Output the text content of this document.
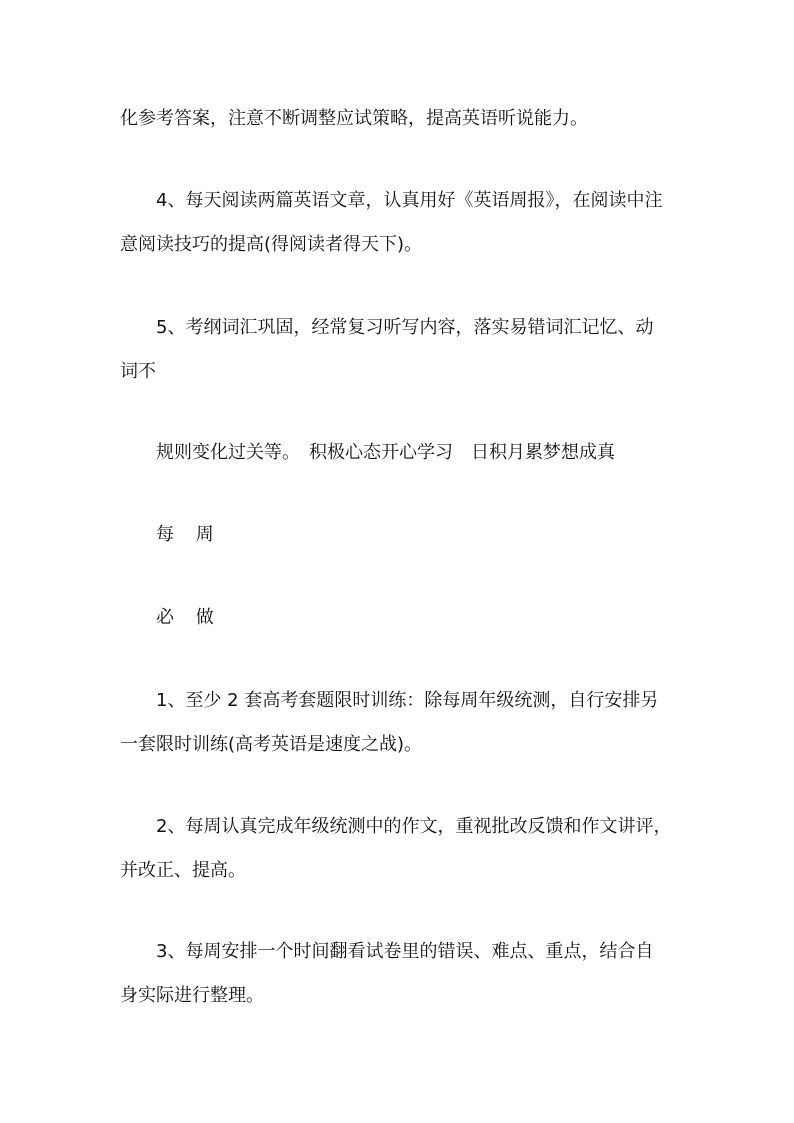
化参考答案，注意不断调整应试策略，提高英语听说能力。

4、每天阅读两篇英语文章，认真用好《英语周报》，在阅读中注

意阅读技巧的提高(得阅读者得天下)。

5、考纲词汇巩固，经常复习听写内容，落实易错词汇记忆、动

词不

规则变化过关等。　积极心态开心学习　日积月累梦想成真

每 周

必 做

1、至少 2 套高考套题限时训练：除每周年级统测，自行安排另

一套限时训练(高考英语是速度之战)。

2、每周认真完成年级统测中的作文，重视批改反馈和作文讲评，

并改正、提高。

3、每周安排一个时间翻看试卷里的错误、难点、重点，结合自

身实际进行整理。
